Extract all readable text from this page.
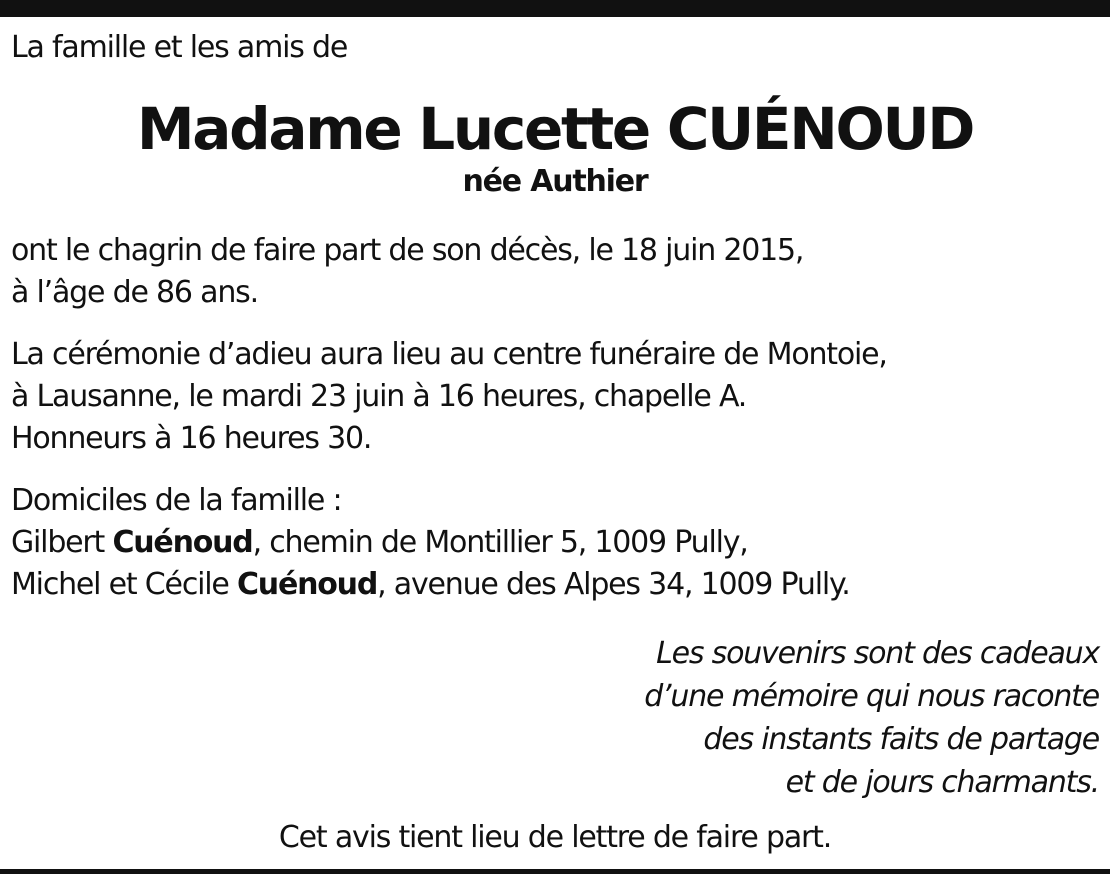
La famille et les amis de
Madame Lucette CUÉNOUD
née Authier
ont le chagrin de faire part de son décès, le 18 juin 2015,
à l’âge de 86 ans.
La cérémonie d’adieu aura lieu au centre funéraire de Montoie,
à Lausanne, le mardi 23 juin à 16 heures, chapelle A.
Honneurs à 16 heures 30.
Domiciles de la famille :
Gilbert Cuénoud, chemin de Montillier 5, 1009 Pully,
Michel et Cécile Cuénoud, avenue des Alpes 34, 1009 Pully.
Les souvenirs sont des cadeaux
d’une mémoire qui nous raconte
des instants faits de partage
et de jours charmants.
Cet avis tient lieu de lettre de faire part.
